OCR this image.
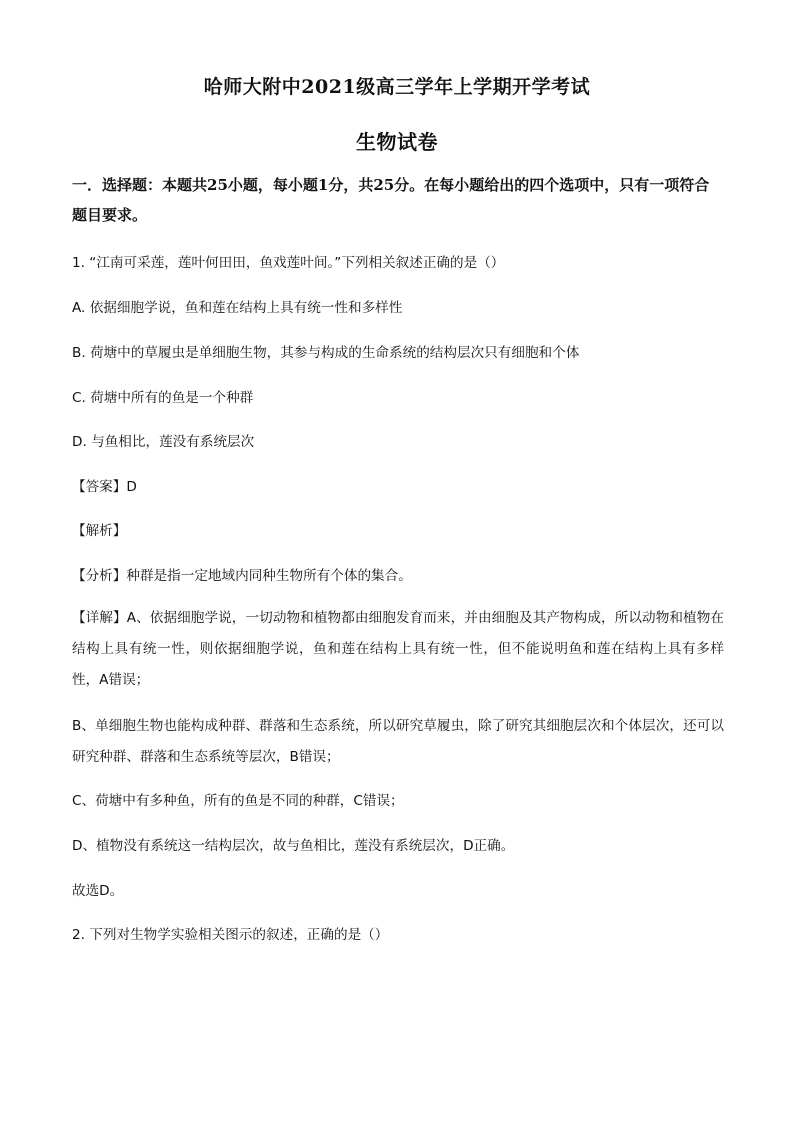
哈师大附中2021级高三学年上学期开学考试
生物试卷
一．选择题：本题共25小题，每小题1分，共25分。在每小题给出的四个选项中，只有一项符合题目要求。
1. “江南可采莲，莲叶何田田，鱼戏莲叶间。”下列相关叙述正确的是（）
A. 依据细胞学说，鱼和莲在结构上具有统一性和多样性
B. 荷塘中的草履虫是单细胞生物，其参与构成的生命系统的结构层次只有细胞和个体
C. 荷塘中所有的鱼是一个种群
D. 与鱼相比，莲没有系统层次
【答案】D
【解析】
【分析】种群是指一定地域内同种生物所有个体的集合。
【详解】A、依据细胞学说，一切动物和植物都由细胞发育而来，并由细胞及其产物构成，所以动物和植物在结构上具有统一性，则依据细胞学说，鱼和莲在结构上具有统一性，但不能说明鱼和莲在结构上具有多样性，A错误；
B、单细胞生物也能构成种群、群落和生态系统，所以研究草履虫，除了研究其细胞层次和个体层次，还可以研究种群、群落和生态系统等层次，B错误；
C、荷塘中有多种鱼，所有的鱼是不同的种群，C错误；
D、植物没有系统这一结构层次，故与鱼相比，莲没有系统层次，D正确。
故选D。
2. 下列对生物学实验相关图示的叙述，正确的是（）
